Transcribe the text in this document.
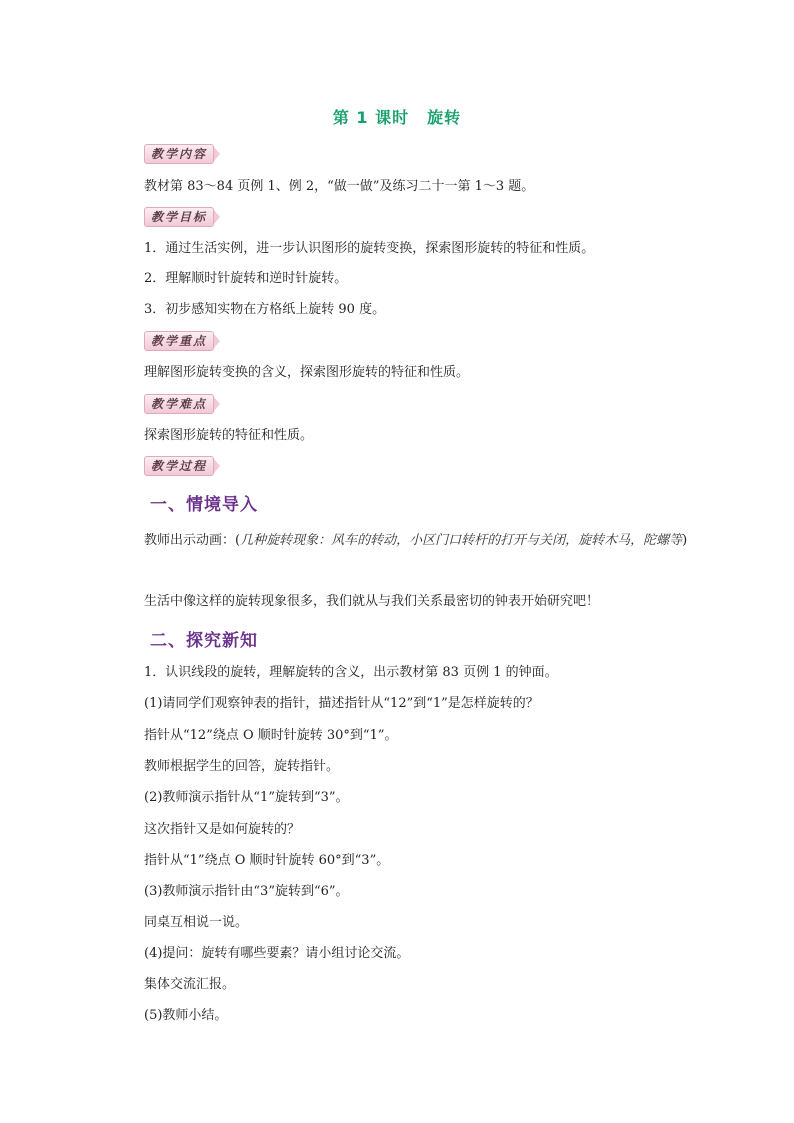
第 1 课时 旋转
教学内容
教材第 83～84 页例 1、例 2，“做一做”及练习二十一第 1～3 题。
教学目标
1．通过生活实例，进一步认识图形的旋转变换，探索图形旋转的特征和性质。
2．理解顺时针旋转和逆时针旋转。
3．初步感知实物在方格纸上旋转 90 度。
教学重点
理解图形旋转变换的含义，探索图形旋转的特征和性质。
教学难点
探索图形旋转的特征和性质。
教学过程
一、情境导入
教师出示动画：(几种旋转现象：风车的转动，小区门口转杆的打开与关闭，旋转木马，陀螺等)
生活中像这样的旋转现象很多，我们就从与我们关系最密切的钟表开始研究吧！
二、探究新知
1．认识线段的旋转，理解旋转的含义，出示教材第 83 页例 1 的钟面。
(1)请同学们观察钟表的指针，描述指针从“12”到“1”是怎样旋转的？
指针从“12”绕点 O 顺时针旋转 30°到“1”。
教师根据学生的回答，旋转指针。
(2)教师演示指针从“1”旋转到“3”。
这次指针又是如何旋转的？
指针从“1”绕点 O 顺时针旋转 60°到“3”。
(3)教师演示指针由“3”旋转到“6”。
同桌互相说一说。
(4)提问：旋转有哪些要素？请小组讨论交流。
集体交流汇报。
(5)教师小结。
